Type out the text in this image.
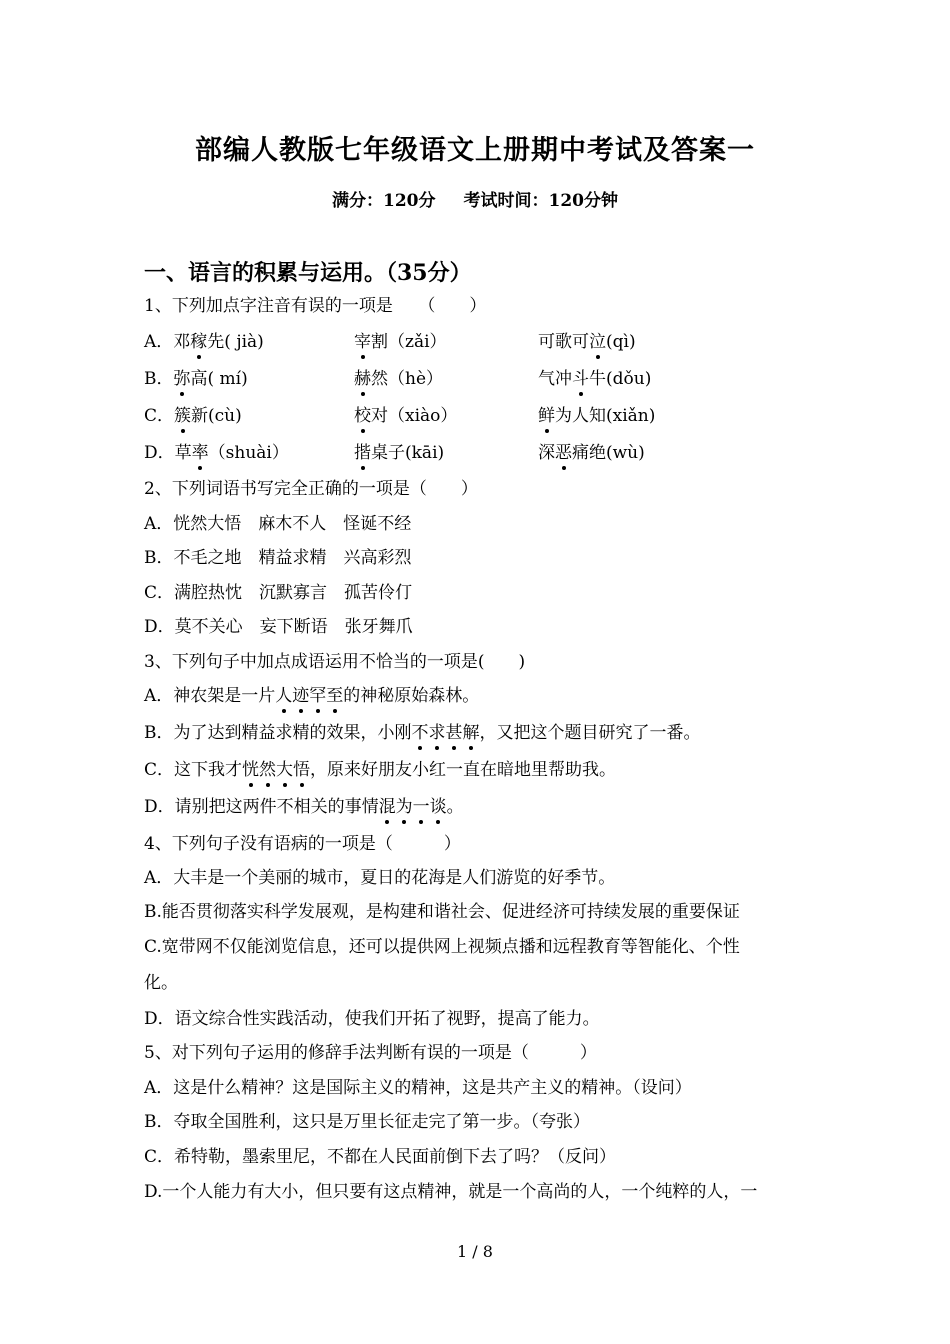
部编人教版七年级语文上册期中考试及答案一
满分：120分 考试时间：120分钟
一、语言的积累与运用。（35分）
1、下列加点字注音有误的一项是　　（　　）
A．邓稼先( jià)	宰割（zǎi）	可歌可泣(qì)
B．弥高( mí)	赫然（hè）	气冲斗牛(dǒu)
C．簇新(cù)	校对（xiào）	鲜为人知(xiǎn)
D．草率（shuài）	揩桌子(kāi)	深恶痛绝(wù)
2、下列词语书写完全正确的一项是（　　）
A．恍然大悟　麻木不人　怪诞不经
B．不毛之地　精益求精　兴高彩烈
C．满腔热忱　沉默寡言　孤苦伶仃
D．莫不关心　妄下断语　张牙舞爪
3、下列句子中加点成语运用不恰当的一项是(　　)
A．神农架是一片人迹罕至的神秘原始森林。
B．为了达到精益求精的效果，小刚不求甚解，又把这个题目研究了一番。
C．这下我才恍然大悟，原来好朋友小红一直在暗地里帮助我。
D．请别把这两件不相关的事情混为一谈。
4、下列句子没有语病的一项是（　　　）
A．大丰是一个美丽的城市，夏日的花海是人们游览的好季节。
B.能否贯彻落实科学发展观，是构建和谐社会、促进经济可持续发展的重要保证
C.宽带网不仅能浏览信息，还可以提供网上视频点播和远程教育等智能化、个性
化。
D．语文综合性实践活动，使我们开拓了视野，提高了能力。
5、对下列句子运用的修辞手法判断有误的一项是（　　　）
A．这是什么精神？这是国际主义的精神，这是共产主义的精神。（设问）
B．夺取全国胜利，这只是万里长征走完了第一步。（夸张）
C．希特勒，墨索里尼，不都在人民面前倒下去了吗？（反问）
D.一个人能力有大小，但只要有这点精神，就是一个高尚的人，一个纯粹的人，一
1 / 8
